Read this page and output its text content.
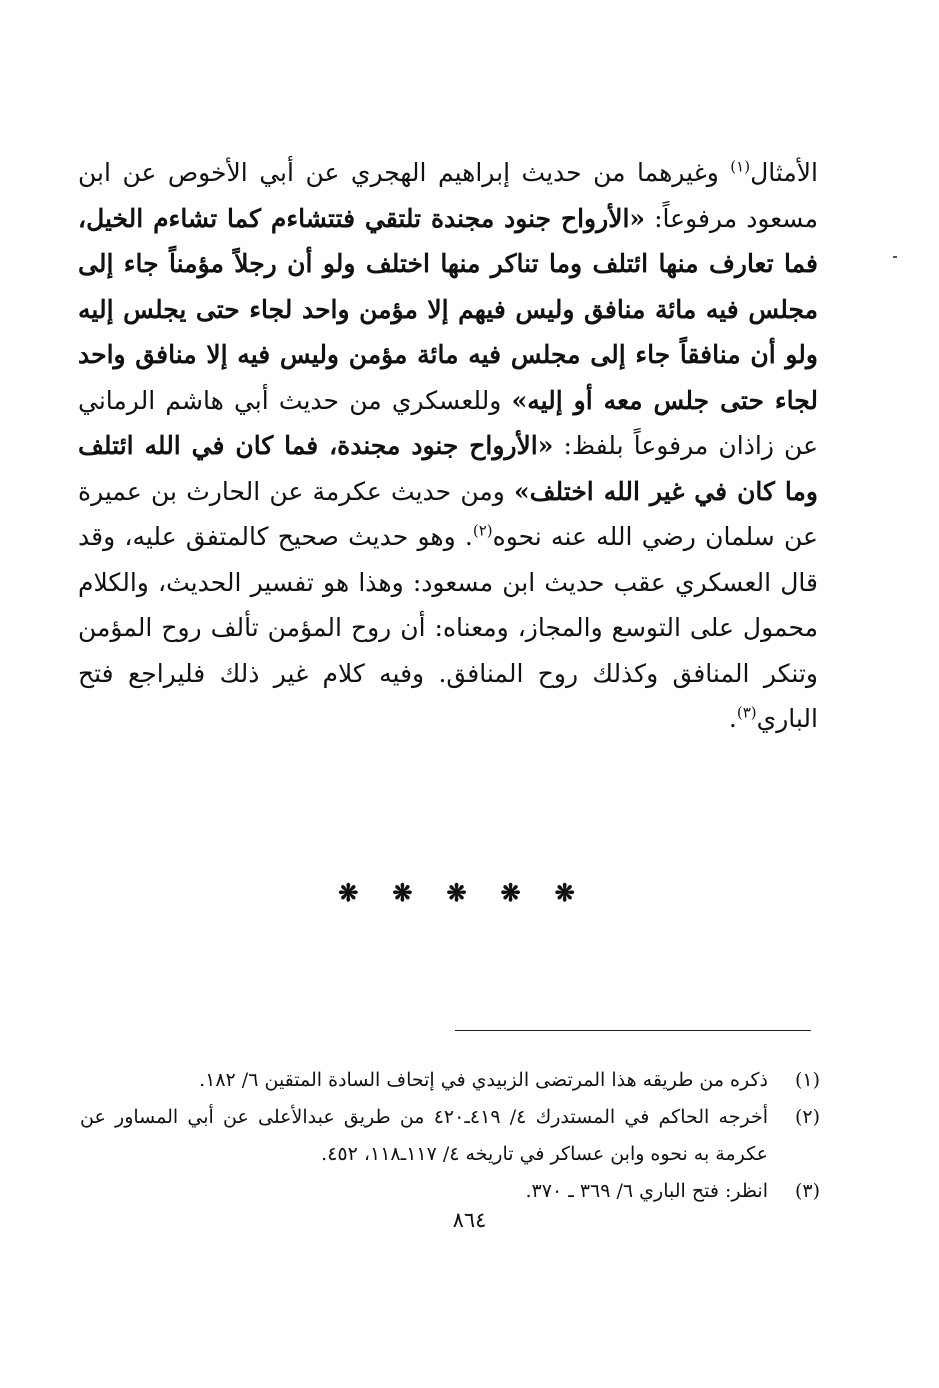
الأمثال$^{(١)}$ وغيرهما من حديث إبراهيم الهجري عن أبي الأخوص عن ابن مسعود مرفوعاً: «الأرواح جنود مجندة تلتقي فتتشاءم كما تشاءم الخيل، فما تعارف منها ائتلف وما تناكر منها اختلف ولو أن رجلاً مؤمناً جاء إلى مجلس فيه مائة منافق وليس فيهم إلا مؤمن واحد لجاء حتى يجلس إليه ولو أن منافقاً جاء إلى مجلس فيه مائة مؤمن وليس فيه إلا منافق واحد لجاء حتى جلس معه أو إليه» وللعسكري من حديث أبي هاشم الرماني عن زاذان مرفوعاً بلفظ: «الأرواح جنود مجندة، فما كان في الله ائتلف وما كان في غير الله اختلف» ومن حديث عكرمة عن الحارث بن عميرة عن سلمان رضي الله عنه نحوه$^{(٢)}$. وهو حديث صحيح كالمتفق عليه، وقد قال العسكري عقب حديث ابن مسعود: وهذا هو تفسير الحديث، والكلام محمول على التوسع والمجاز، ومعناه: أن روح المؤمن تألف روح المؤمن وتنكر المنافق وكذلك روح المنافق. وفيه كلام غير ذلك فليراجع فتح الباري$^{(٣)}$.
❋❋❋❋❋
(١)
ذكره من طريقه هذا المرتضى الزبيدي في إتحاف السادة المتقين ٦/ ١٨٢.
(٢)
أخرجه الحاكم في المستدرك ٤/ ٤١٩ـ٤٢٠ من طريق عبدالأعلى عن أبي المساور عن عكرمة به نحوه وابن عساكر في تاريخه ٤/ ١١٧ـ١١٨، ٤٥٢.
(٣)
انظر: فتح الباري ٦/ ٣٦٩ ـ ٣٧٠.
٨٦٤
